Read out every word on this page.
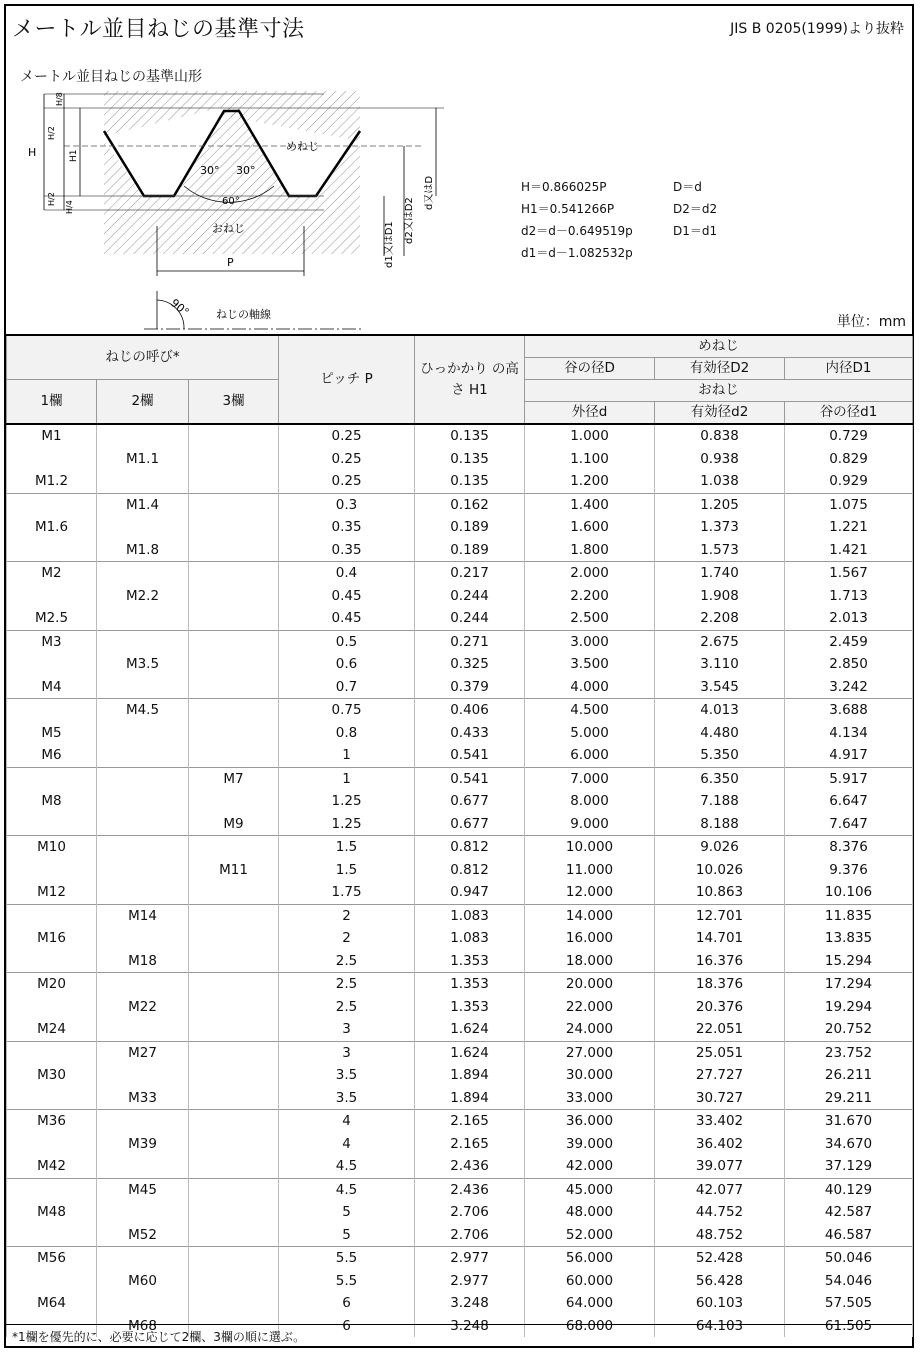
メートル並目ねじの基準寸法	JIS B 0205(1999)より抜粋
メートル並目ねじの基準山形
H/8
H
H/2
H1
H/2
H/4
30° 30°
60°
めねじ
おねじ
P
90° ねじの軸線
d1又はD1
d2又はD2
d又はD	H＝0.866025P	D＝d
H1＝0.541266P	D2＝d2
d2＝d－0.649519p	D1＝d1
d1＝d－1.082532p
単位：mm
ねじの呼び*			ピッチ P	ひっかかり の高さ H1	めねじ		
					谷の径D	有効径D2	内径D1
1欄	2欄	3欄			おねじ		
					外径d	有効径d2	谷の径d1
M1			0.25	0.135	1.000	0.838	0.729
	M1.1		0.25	0.135	1.100	0.938	0.829
M1.2			0.25	0.135	1.200	1.038	0.929
	M1.4		0.3	0.162	1.400	1.205	1.075
M1.6			0.35	0.189	1.600	1.373	1.221
	M1.8		0.35	0.189	1.800	1.573	1.421
M2			0.4	0.217	2.000	1.740	1.567
	M2.2		0.45	0.244	2.200	1.908	1.713
M2.5			0.45	0.244	2.500	2.208	2.013
M3			0.5	0.271	3.000	2.675	2.459
	M3.5		0.6	0.325	3.500	3.110	2.850
M4			0.7	0.379	4.000	3.545	3.242
	M4.5		0.75	0.406	4.500	4.013	3.688
M5			0.8	0.433	5.000	4.480	4.134
M6			1	0.541	6.000	5.350	4.917
		M7	1	0.541	7.000	6.350	5.917
M8			1.25	0.677	8.000	7.188	6.647
		M9	1.25	0.677	9.000	8.188	7.647
M10			1.5	0.812	10.000	9.026	8.376
		M11	1.5	0.812	11.000	10.026	9.376
M12			1.75	0.947	12.000	10.863	10.106
	M14		2	1.083	14.000	12.701	11.835
M16			2	1.083	16.000	14.701	13.835
	M18		2.5	1.353	18.000	16.376	15.294
M20			2.5	1.353	20.000	18.376	17.294
	M22		2.5	1.353	22.000	20.376	19.294
M24			3	1.624	24.000	22.051	20.752
	M27		3	1.624	27.000	25.051	23.752
M30			3.5	1.894	30.000	27.727	26.211
	M33		3.5	1.894	33.000	30.727	29.211
M36			4	2.165	36.000	33.402	31.670
	M39		4	2.165	39.000	36.402	34.670
M42			4.5	2.436	42.000	39.077	37.129
	M45		4.5	2.436	45.000	42.077	40.129
M48			5	2.706	48.000	44.752	42.587
	M52		5	2.706	52.000	48.752	46.587
M56			5.5	2.977	56.000	52.428	50.046
	M60		5.5	2.977	60.000	56.428	54.046
M64			6	3.248	64.000	60.103	57.505
	M68		6	3.248	68.000	64.103	61.505
*1欄を優先的に、必要に応じて2欄、3欄の順に選ぶ。
